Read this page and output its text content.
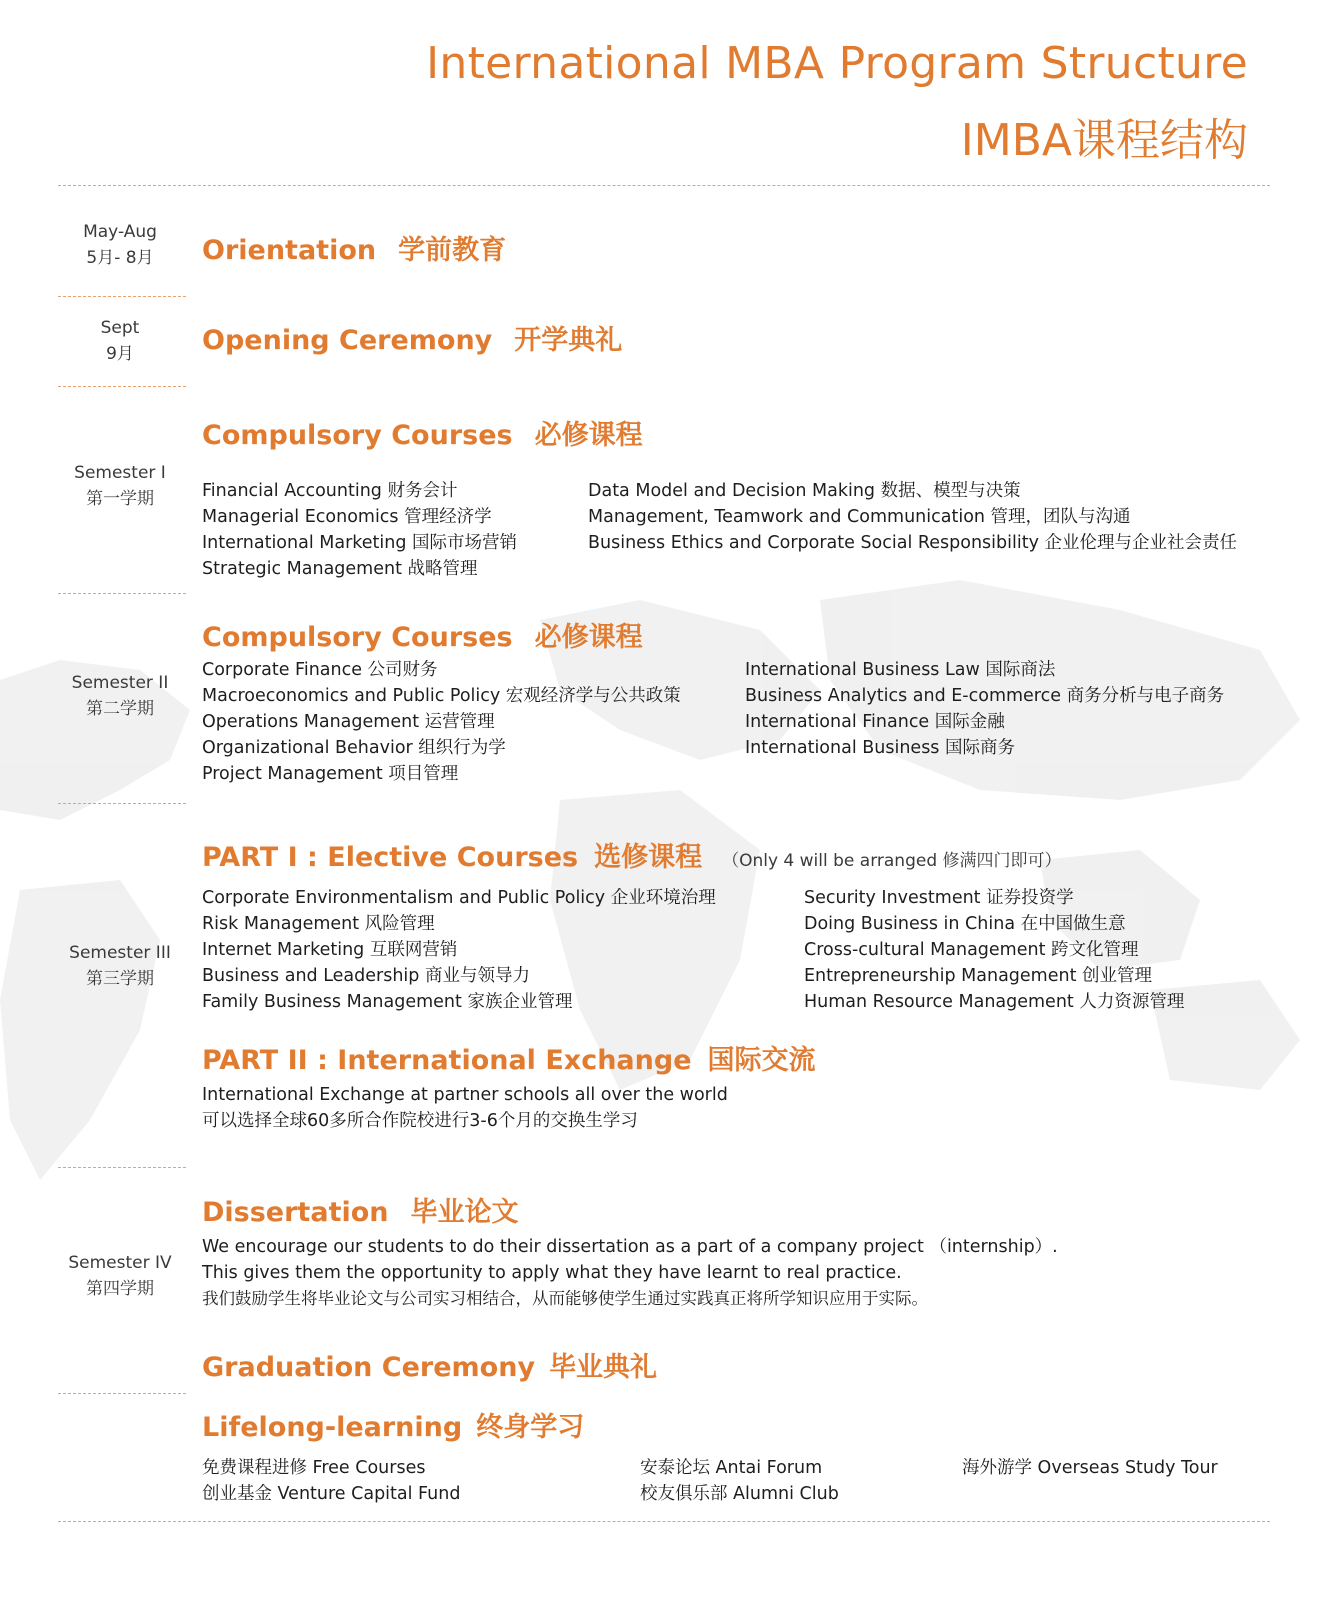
International MBA Program Structure
IMBA课程结构
May-Aug
5月- 8月	Orientation 学前教育
Sept
9月	Opening Ceremony 开学典礼
Semester I
第一学期
Compulsory Courses 必修课程
Financial Accounting 财务会计
Managerial Economics 管理经济学
International Marketing 国际市场营销
Strategic Management 战略管理
Data Model and Decision Making 数据、模型与决策
Management, Teamwork and Communication 管理，团队与沟通
Business Ethics and Corporate Social Responsibility 企业伦理与企业社会责任
Semester II
第二学期
Compulsory Courses 必修课程
Corporate Finance 公司财务
Macroeconomics and Public Policy 宏观经济学与公共政策
Operations Management 运营管理
Organizational Behavior 组织行为学
Project Management 项目管理
International Business Law 国际商法
Business Analytics and E-commerce 商务分析与电子商务
International Finance 国际金融
International Business 国际商务
Semester III
第三学期
PART I : Elective Courses 选修课程 （Only 4 will be arranged 修满四门即可）
Corporate Environmentalism and Public Policy 企业环境治理
Risk Management 风险管理
Internet Marketing 互联网营销
Business and Leadership 商业与领导力
Family Business Management 家族企业管理
Security Investment 证券投资学
Doing Business in China 在中国做生意
Cross-cultural Management 跨文化管理
Entrepreneurship Management 创业管理
Human Resource Management 人力资源管理
PART II : International Exchange 国际交流
International Exchange at partner schools all over the world
可以选择全球60多所合作院校进行3-6个月的交换生学习
Semester IV
第四学期
Dissertation 毕业论文
We encourage our students to do their dissertation as a part of a company project （internship）.
This gives them the opportunity to apply what they have learnt to real practice.
我们鼓励学生将毕业论文与公司实习相结合，从而能够使学生通过实践真正将所学知识应用于实际。
Graduation Ceremony 毕业典礼
Lifelong-learning 终身学习
免费课程进修 Free Courses
创业基金 Venture Capital Fund
安泰论坛 Antai Forum
校友俱乐部 Alumni Club
海外游学 Overseas Study Tour
